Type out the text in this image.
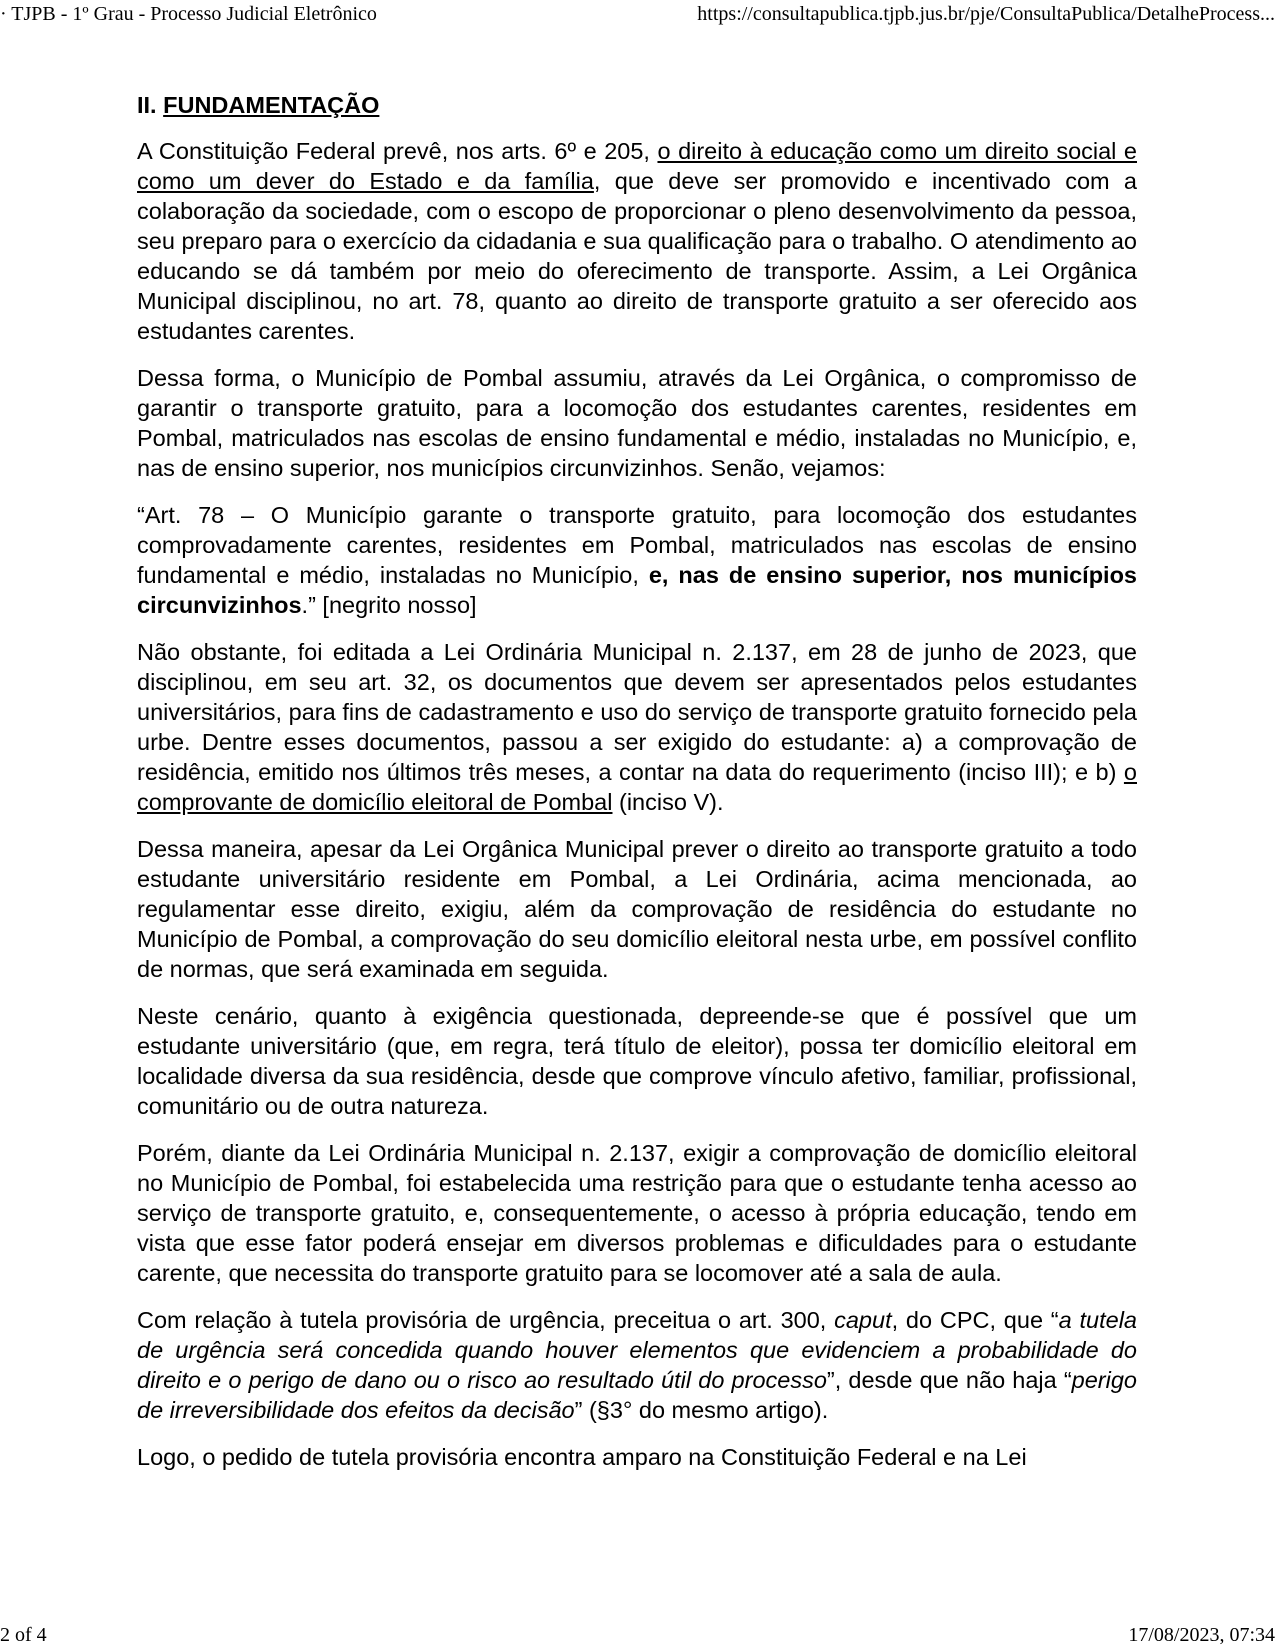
· TJPB - 1º Grau - Processo Judicial Eletrônico	https://consultapublica.tjpb.jus.br/pje/ConsultaPublica/DetalheProcess...
II. FUNDAMENTAÇÃO

A Constituição Federal prevê, nos arts. 6º e 205, o direito à educação como um direito social e como um dever do Estado e da família, que deve ser promovido e incentivado com a colaboração da sociedade, com o escopo de proporcionar o pleno desenvolvimento da pessoa, seu preparo para o exercício da cidadania e sua qualificação para o trabalho. O atendimento ao educando se dá também por meio do oferecimento de transporte. Assim, a Lei Orgânica Municipal disciplinou, no art. 78, quanto ao direito de transporte gratuito a ser oferecido aos estudantes carentes.

Dessa forma, o Município de Pombal assumiu, através da Lei Orgânica, o compromisso de garantir o transporte gratuito, para a locomoção dos estudantes carentes, residentes em Pombal, matriculados nas escolas de ensino fundamental e médio, instaladas no Município, e, nas de ensino superior, nos municípios circunvizinhos. Senão, vejamos:

“Art. 78 – O Município garante o transporte gratuito, para locomoção dos estudantes comprovadamente carentes, residentes em Pombal, matriculados nas escolas de ensino fundamental e médio, instaladas no Município, e, nas de ensino superior, nos municípios circunvizinhos.” [negrito nosso]

Não obstante, foi editada a Lei Ordinária Municipal n. 2.137, em 28 de junho de 2023, que disciplinou, em seu art. 32, os documentos que devem ser apresentados pelos estudantes universitários, para fins de cadastramento e uso do serviço de transporte gratuito fornecido pela urbe. Dentre esses documentos, passou a ser exigido do estudante: a) a comprovação de residência, emitido nos últimos três meses, a contar na data do requerimento (inciso III); e b) o comprovante de domicílio eleitoral de Pombal (inciso V).

Dessa maneira, apesar da Lei Orgânica Municipal prever o direito ao transporte gratuito a todo estudante universitário residente em Pombal, a Lei Ordinária, acima mencionada, ao regulamentar esse direito, exigiu, além da comprovação de residência do estudante no Município de Pombal, a comprovação do seu domicílio eleitoral nesta urbe, em possível conflito de normas, que será examinada em seguida.

Neste cenário, quanto à exigência questionada, depreende-se que é possível que um estudante universitário (que, em regra, terá título de eleitor), possa ter domicílio eleitoral em localidade diversa da sua residência, desde que comprove vínculo afetivo, familiar, profissional, comunitário ou de outra natureza.

Porém, diante da Lei Ordinária Municipal n. 2.137, exigir a comprovação de domicílio eleitoral no Município de Pombal, foi estabelecida uma restrição para que o estudante tenha acesso ao serviço de transporte gratuito, e, consequentemente, o acesso à própria educação, tendo em vista que esse fator poderá ensejar em diversos problemas e dificuldades para o estudante carente, que necessita do transporte gratuito para se locomover até a sala de aula.

Com relação à tutela provisória de urgência, preceitua o art. 300, caput, do CPC, que “a tutela de urgência será concedida quando houver elementos que evidenciem a probabilidade do direito e o perigo de dano ou o risco ao resultado útil do processo”, desde que não haja “perigo de irreversibilidade dos efeitos da decisão” (§3° do mesmo artigo).

Logo, o pedido de tutela provisória encontra amparo na Constituição Federal e na Lei

2 of 4	17/08/2023, 07:34
